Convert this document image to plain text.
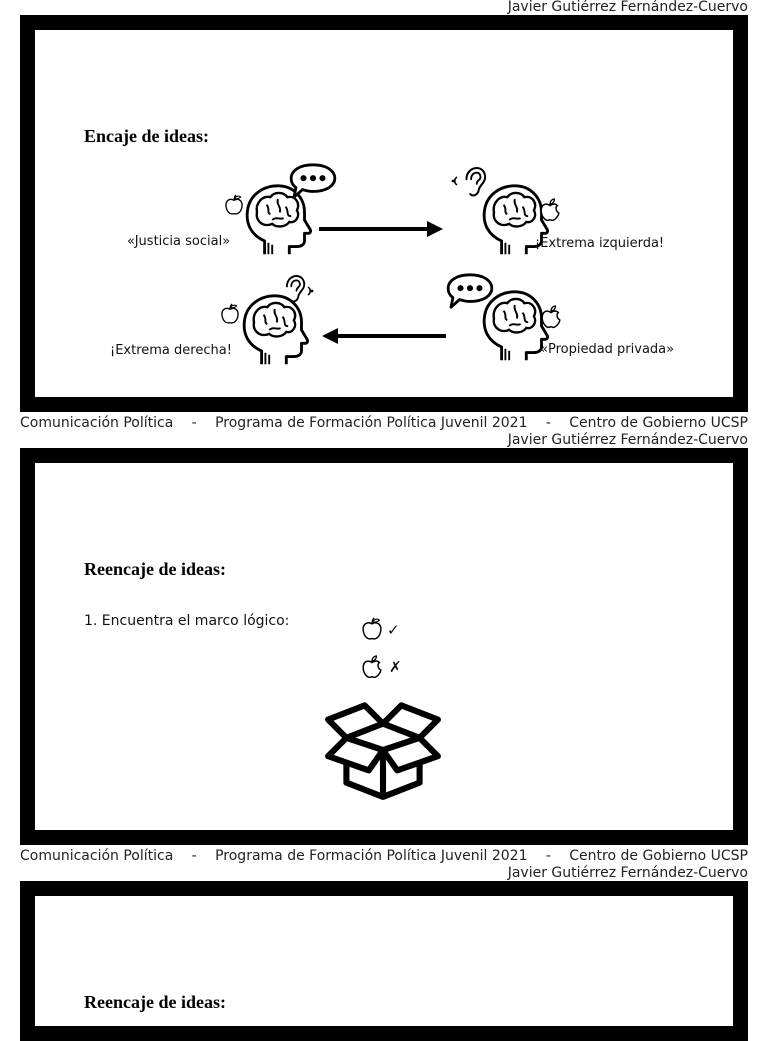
Javier Gutiérrez Fernández-Cuervo
Encaje de ideas:
«Justicia social»	¡Extrema izquierda!
¡Extrema derecha!	«Propiedad privada»
Comunicación Política - Programa de Formación Política Juvenil 2021 - Centro de Gobierno UCSP
Javier Gutiérrez Fernández-Cuervo
Reencaje de ideas:
1. Encuentra el marco lógico:	✓
✗
Comunicación Política - Programa de Formación Política Juvenil 2021 - Centro de Gobierno UCSP
Javier Gutiérrez Fernández-Cuervo
Reencaje de ideas:
